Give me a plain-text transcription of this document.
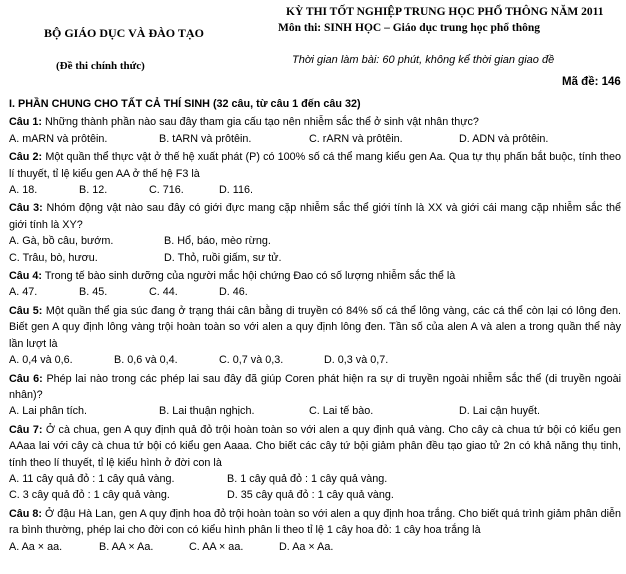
BỘ GIÁO DỤC VÀ ĐÀO TẠO
(Đề thi chính thức)
KỲ THI TỐT NGHIỆP TRUNG HỌC PHỔ THÔNG NĂM 2011
Môn thi: SINH HỌC – Giáo dục trung học phổ thông
Thời gian làm bài: 60 phút, không kể thời gian giao đề
Mã đề: 146
I. PHẦN CHUNG CHO TẤT CẢ THÍ SINH (32 câu, từ câu 1 đến câu 32)
Câu 1: Những thành phần nào sau đây tham gia cấu tạo nên nhiễm sắc thể ở sinh vật nhân thực?
A. mARN và prôtêin.	B. tARN và prôtêin.	C. rARN và prôtêin.	D. ADN và prôtêin.
Câu 2: Một quần thể thực vật ở thế hệ xuất phát (P) có 100% số cá thể mang kiểu gen Aa. Qua tự thụ phấn bắt buộc, tính theo lí thuyết, tỉ lệ kiểu gen AA ở thế hệ F3 là
A. 18.	B. 12.	C. 716.	D. 116.
Câu 3: Nhóm động vật nào sau đây có giới đực mang cặp nhiễm sắc thể giới tính là XX và giới cái mang cặp nhiễm sắc thể giới tính là XY?
A. Gà, bồ câu, bướm.	B. Hổ, báo, mèo rừng.
C. Trâu, bò, hươu.	D. Thỏ, ruồi giấm, sư tử.
Câu 4: Trong tế bào sinh dưỡng của người mắc hội chứng Đao có số lượng nhiễm sắc thể là
A. 47.	B. 45.	C. 44.	D. 46.
Câu 5: Một quần thể gia súc đang ở trạng thái cân bằng di truyền có 84% số cá thể lông vàng, các cá thể còn lại có lông đen. Biết gen A quy định lông vàng trội hoàn toàn so với alen a quy định lông đen. Tần số của alen A và alen a trong quần thể này lần lượt là
A. 0,4 và 0,6.	B. 0,6 và 0,4.	C. 0,7 và 0,3.	D. 0,3 và 0,7.
Câu 6: Phép lai nào trong các phép lai sau đây đã giúp Coren phát hiện ra sự di truyền ngoài nhiễm sắc thể (di truyền ngoài nhân)?
A. Lai phân tích.	B. Lai thuận nghịch.	C. Lai tế bào.	D. Lai cận huyết.
Câu 7: Ở cà chua, gen A quy định quả đỏ trội hoàn toàn so với alen a quy định quả vàng. Cho cây cà chua tứ bội có kiểu gen AAaa lai với cây cà chua tứ bội có kiểu gen Aaaa. Cho biết các cây tứ bội giảm phân đều tạo giao tử 2n có khả năng thụ tinh, tính theo lí thuyết, tỉ lệ kiểu hình ở đời con là
A. 11 cây quả đỏ : 1 cây quả vàng.	B. 1 cây quả đỏ : 1 cây quả vàng.
C. 3 cây quả đỏ : 1 cây quả vàng.	D. 35 cây quả đỏ : 1 cây quả vàng.
Câu 8: Ở đậu Hà Lan, gen A quy định hoa đỏ trội hoàn toàn so với alen a quy định hoa trắng. Cho biết quá trình giảm phân diễn ra bình thường, phép lai cho đời con có kiểu hình phân li theo tỉ lệ 1 cây hoa đỏ: 1 cây hoa trắng là
A. Aa × aa.	B. AA × Aa.	C. AA × aa.	D. Aa × Aa.
